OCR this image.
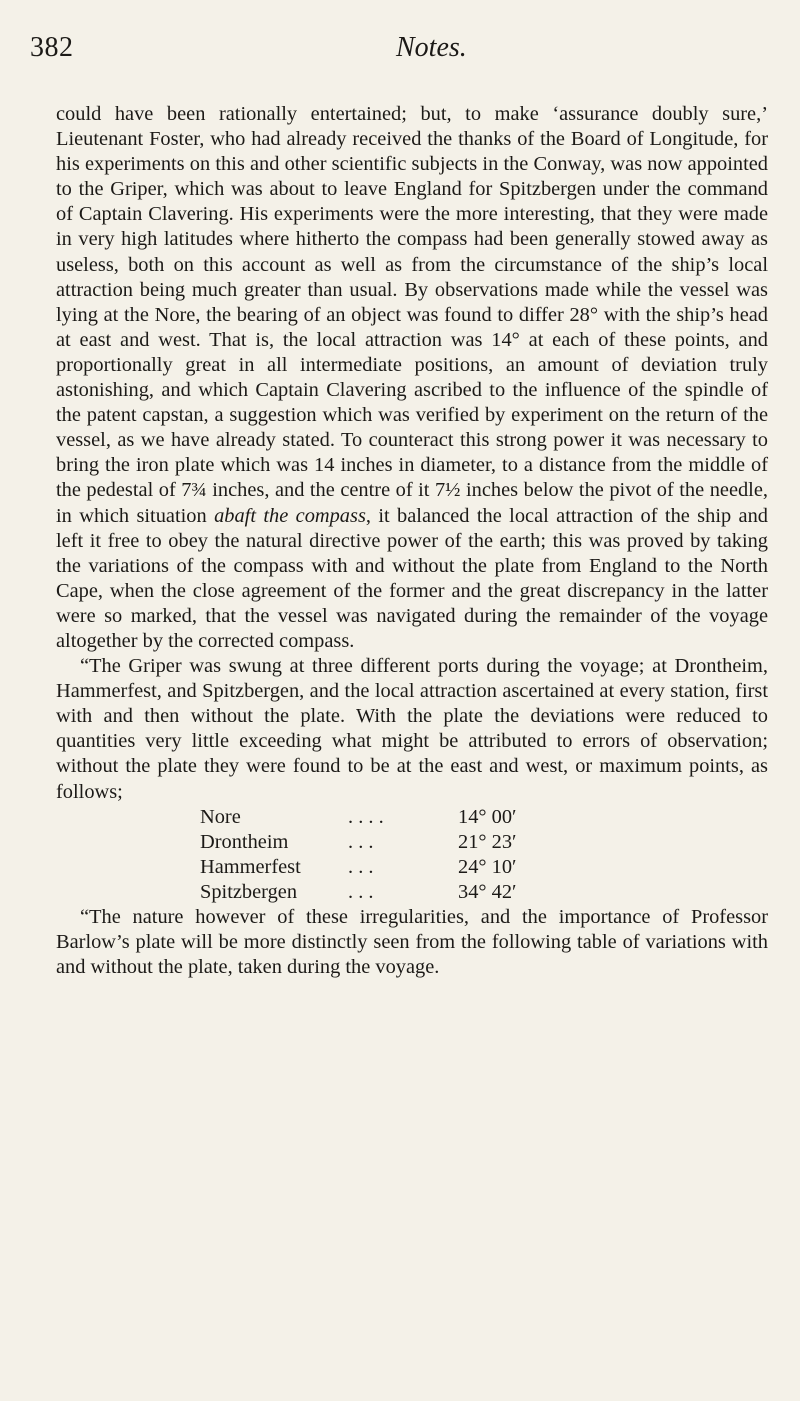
382	Notes.

could have been rationally entertained; but, to make ‘assurance doubly sure,’ Lieutenant Foster, who had already received the thanks of the Board of Longitude, for his experiments on this and other scientific subjects in the Conway, was now appointed to the Griper, which was about to leave England for Spitzbergen under the command of Captain Clavering. His experiments were the more interesting, that they were made in very high latitudes where hitherto the compass had been generally stowed away as useless, both on this account as well as from the circumstance of the ship’s local attraction being much greater than usual. By observations made while the vessel was lying at the Nore, the bearing of an object was found to differ 28° with the ship’s head at east and west. That is, the local attraction was 14° at each of these points, and proportionally great in all intermediate positions, an amount of deviation truly astonishing, and which Captain Clavering ascribed to the influence of the spindle of the patent capstan, a suggestion which was verified by experiment on the return of the vessel, as we have already stated. To counteract this strong power it was necessary to bring the iron plate which was 14 inches in diameter, to a distance from the middle of the pedestal of 7¾ inches, and the centre of it 7½ inches below the pivot of the needle, in which situation abaft the compass, it balanced the local attraction of the ship and left it free to obey the natural directive power of the earth; this was proved by taking the variations of the compass with and without the plate from England to the North Cape, when the close agreement of the former and the great discrepancy in the latter were so marked, that the vessel was navigated during the remainder of the voyage altogether by the corrected compass.

“The Griper was swung at three different ports during the voyage; at Drontheim, Hammerfest, and Spitzbergen, and the local attraction ascertained at every station, first with and then without the plate. With the plate the deviations were reduced to quantities very little exceeding what might be attributed to errors of observation; without the plate they were found to be at the east and west, or maximum points, as follows;

Nore	. . . .	14° 00′
Drontheim	. . .	21° 23′
Hammerfest	. . .	24° 10′
Spitzbergen	. . .	34° 42′

“The nature however of these irregularities, and the importance of Professor Barlow’s plate will be more distinctly seen from the following table of variations with and without the plate, taken during the voyage.
